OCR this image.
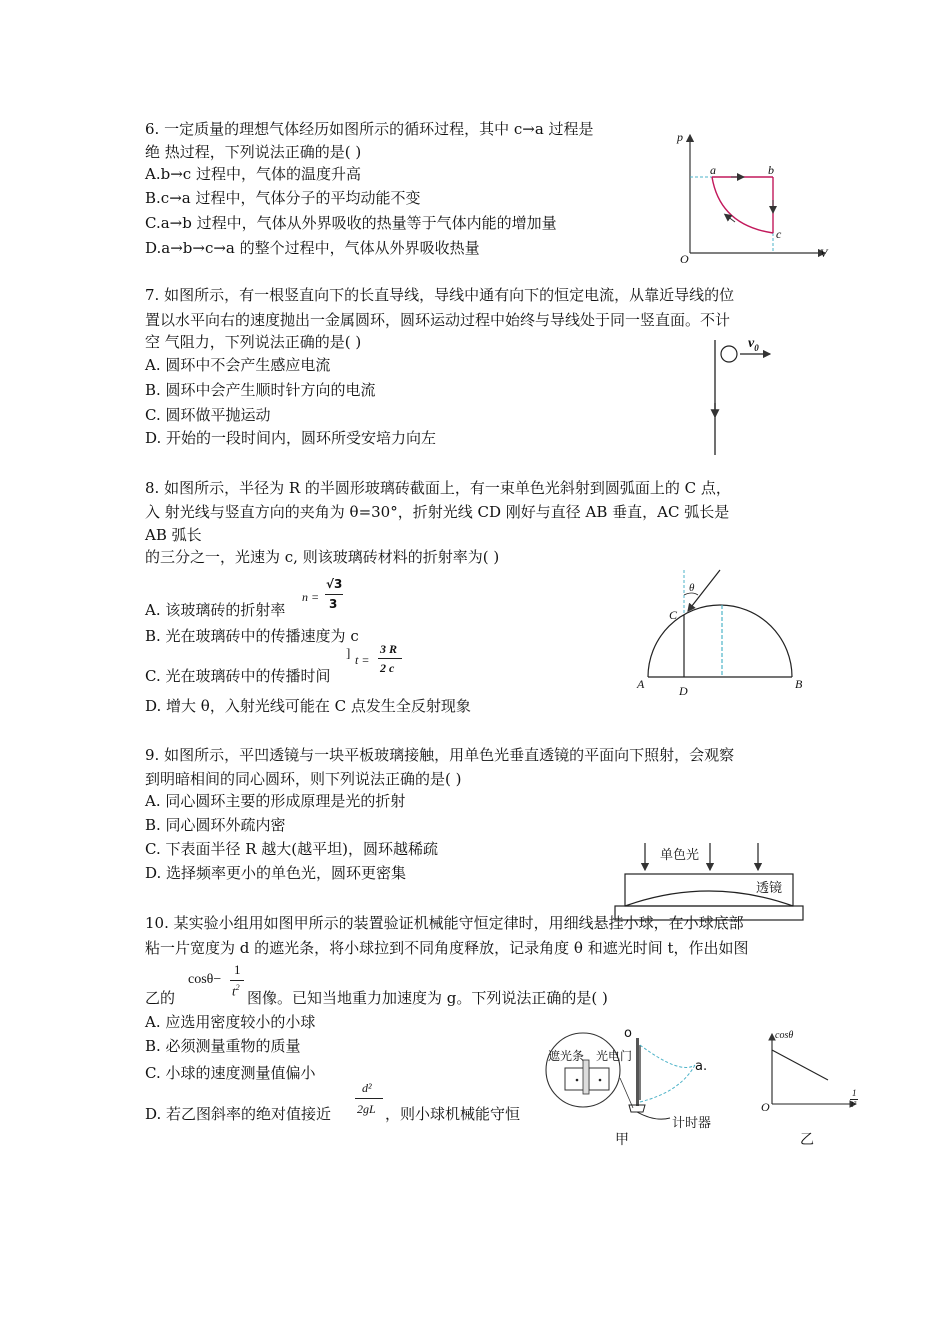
6. 一定质量的理想气体经历如图所示的循环过程，其中 c→a 过程是
绝 热过程，下列说法正确的是( )
A.b→c 过程中，气体的温度升高
B.c→a 过程中，气体分子的平均动能不变
C.a→b 过程中，气体从外界吸收的热量等于气体内能的增加量
D.a→b→c→a 的整个过程中，气体从外界吸收热量
p
V
O
a	b
c
7. 如图所示，有一根竖直向下的长直导线，导线中通有向下的恒定电流，从靠近导线的位
置以水平向右的速度抛出一金属圆环，圆环运动过程中始终与导线处于同一竖直面。不计
空 气阻力，下列说法正确的是( )
A. 圆环中不会产生感应电流
B. 圆环中会产生顺时针方向的电流
C. 圆环做平抛运动
D. 开始的一段时间内，圆环所受安培力向左
$v_0$
8. 如图所示，半径为 R 的半圆形玻璃砖截面上，有一束单色光斜射到圆弧面上的 C 点，
入 射光线与竖直方向的夹角为 θ=30°，折射光线 CD 刚好与直径 AB 垂直，AC 弧长是
AB 弧长
的三分之一，光速为 c, 则该玻璃砖材料的折射率为( )
A. 该玻璃砖的折射率
n =
√3
3
B. 光在玻璃砖中的传播速度为 c
C. 光在玻璃砖中的传播时间
] t =
3 R
2 c
D. 增大 θ，入射光线可能在 C 点发生全反射现象
A	B
C
D
θ
9. 如图所示，平凹透镜与一块平板玻璃接触，用单色光垂直透镜的平面向下照射，会观察
到明暗相间的同心圆环，则下列说法正确的是( )
A. 同心圆环主要的形成原理是光的折射
B. 同心圆环外疏内密
C. 下表面半径 R 越大(越平坦)，圆环越稀疏
D. 选择频率更小的单色光，圆环更密集
单色光
透镜
10. 某实验小组用如图甲所示的装置验证机械能守恒定律时，用细线悬挂小球，在小球底部
粘一片宽度为 d 的遮光条，将小球拉到不同角度释放，记录角度 θ 和遮光时间 t，作出如图
乙的
cosθ−
1
$t^2$
图像。已知当地重力加速度为 g。下列说法正确的是( )
A. 应选用密度较小的小球
B. 必须测量重物的质量
C. 小球的速度测量值偏小
D. 若乙图斜率的绝对值接近
d²
2gL ，则小球机械能守恒
o
a.
遮光条 光电门
计时器
甲
cosθ
O
1
t²
乙
